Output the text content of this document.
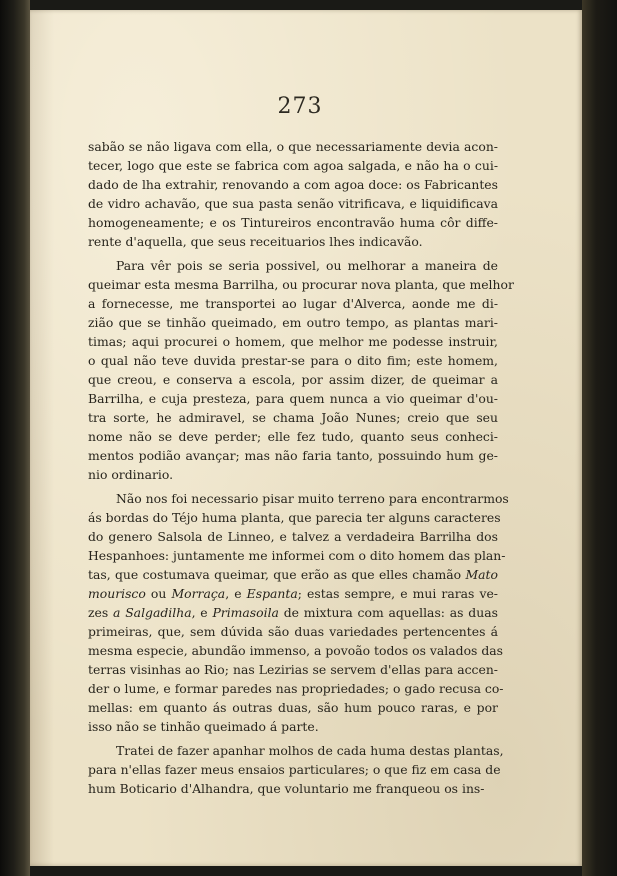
273
sabão se não ligava com ella, o que necessariamente devia acon-
tecer, logo que este se fabrica com agoa salgada, e não ha o cui-
dado de lha extrahir, renovando a com agoa doce: os Fabricantes
de vidro achavão, que sua pasta senão vitrificava, e liquidificava
homogeneamente; e os Tintureiros encontravão huma côr diffe-
rente d'aquella, que seus receituarios lhes indicavão.
Para vêr pois se seria possivel, ou melhorar a maneira de
queimar esta mesma Barrilha, ou procurar nova planta, que melhor
a fornecesse, me transportei ao lugar d'Alverca, aonde me di-
zião que se tinhão queimado, em outro tempo, as plantas mari-
timas; aqui procurei o homem, que melhor me podesse instruir,
o qual não teve duvida prestar-se para o dito fim; este homem,
que creou, e conserva a escola, por assim dizer, de queimar a
Barrilha, e cuja presteza, para quem nunca a vio queimar d'ou-
tra sorte, he admiravel, se chama João Nunes; creio que seu
nome não se deve perder; elle fez tudo, quanto seus conheci-
mentos podião avançar; mas não faria tanto, possuindo hum ge-
nio ordinario.
Não nos foi necessario pisar muito terreno para encontrarmos
ás bordas do Téjo huma planta, que parecia ter alguns caracteres
do genero Salsola de Linneo, e talvez a verdadeira Barrilha dos
Hespanhoes: juntamente me informei com o dito homem das plan-
tas, que costumava queimar, que erão as que elles chamão Mato
mourisco ou Morraça, e Espanta; estas sempre, e mui raras ve-
zes a Salgadilha, e Primasoila de mixtura com aquellas: as duas
primeiras, que, sem dúvida são duas variedades pertencentes á
mesma especie, abundão immenso, a povoão todos os valados das
terras visinhas ao Rio; nas Lezirias se servem d'ellas para accen-
der o lume, e formar paredes nas propriedades; o gado recusa co-
mellas: em quanto ás outras duas, são hum pouco raras, e por
isso não se tinhão queimado á parte.
Tratei de fazer apanhar molhos de cada huma destas plantas,
para n'ellas fazer meus ensaios particulares; o que fiz em casa de
hum Boticario d'Alhandra, que voluntario me franqueou os ins-
